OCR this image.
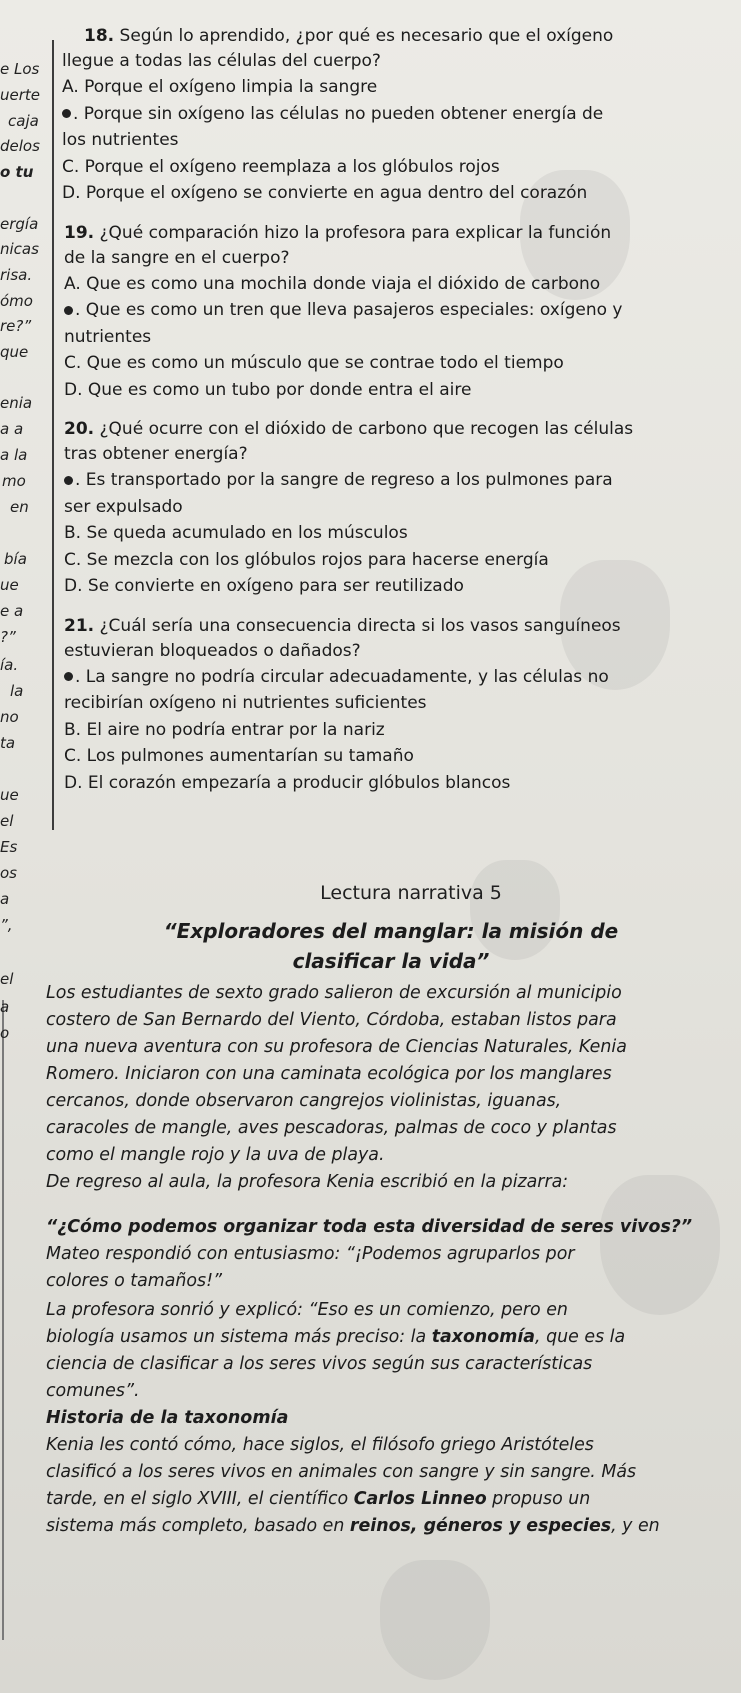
e Los
uerte
caja
delos
o tu
ergía
nicas
risa.
ómo
re?”
que
enia
a a
a la
mo
en
bía
ue
e a
?”
ía.
la
no
ta
ue
el
Es
os
a
”,
el
a
o
18. Según lo aprendido, ¿por qué es necesario que el oxígeno
llegue a todas las células del cuerpo?
A. Porque el oxígeno limpia la sangre
. Porque sin oxígeno las células no pueden obtener energía de
los nutrientes
C. Porque el oxígeno reemplaza a los glóbulos rojos
D. Porque el oxígeno se convierte en agua dentro del corazón
19. ¿Qué comparación hizo la profesora para explicar la función
de la sangre en el cuerpo?
A. Que es como una mochila donde viaja el dióxido de carbono
. Que es como un tren que lleva pasajeros especiales: oxígeno y
nutrientes
C. Que es como un músculo que se contrae todo el tiempo
D. Que es como un tubo por donde entra el aire
20. ¿Qué ocurre con el dióxido de carbono que recogen las células
tras obtener energía?
. Es transportado por la sangre de regreso a los pulmones para
ser expulsado
B. Se queda acumulado en los músculos
C. Se mezcla con los glóbulos rojos para hacerse energía
D. Se convierte en oxígeno para ser reutilizado
21. ¿Cuál sería una consecuencia directa si los vasos sanguíneos
estuvieran bloqueados o dañados?
. La sangre no podría circular adecuadamente, y las células no
recibirían oxígeno ni nutrientes suficientes
B. El aire no podría entrar por la nariz
C. Los pulmones aumentarían su tamaño
D. El corazón empezaría a producir glóbulos blancos
Lectura narrativa 5
“Exploradores del manglar: la misión de
clasificar la vida”
Los estudiantes de sexto grado salieron de excursión al municipio
costero de San Bernardo del Viento, Córdoba, estaban listos para
una nueva aventura con su profesora de Ciencias Naturales, Kenia
Romero. Iniciaron con una caminata ecológica por los manglares
cercanos, donde observaron cangrejos violinistas, iguanas,
caracoles de mangle, aves pescadoras, palmas de coco y plantas
como el mangle rojo y la uva de playa.
De regreso al aula, la profesora Kenia escribió en la pizarra:
“¿Cómo podemos organizar toda esta diversidad de seres vivos?”
Mateo respondió con entusiasmo: “¡Podemos agruparlos por
colores o tamaños!”
La profesora sonrió y explicó: “Eso es un comienzo, pero en
biología usamos un sistema más preciso: la taxonomía, que es la
ciencia de clasificar a los seres vivos según sus características
comunes”.
Historia de la taxonomía
Kenia les contó cómo, hace siglos, el filósofo griego Aristóteles
clasificó a los seres vivos en animales con sangre y sin sangre. Más
tarde, en el siglo XVIII, el científico Carlos Linneo propuso un
sistema más completo, basado en reinos, géneros y especies, y en
